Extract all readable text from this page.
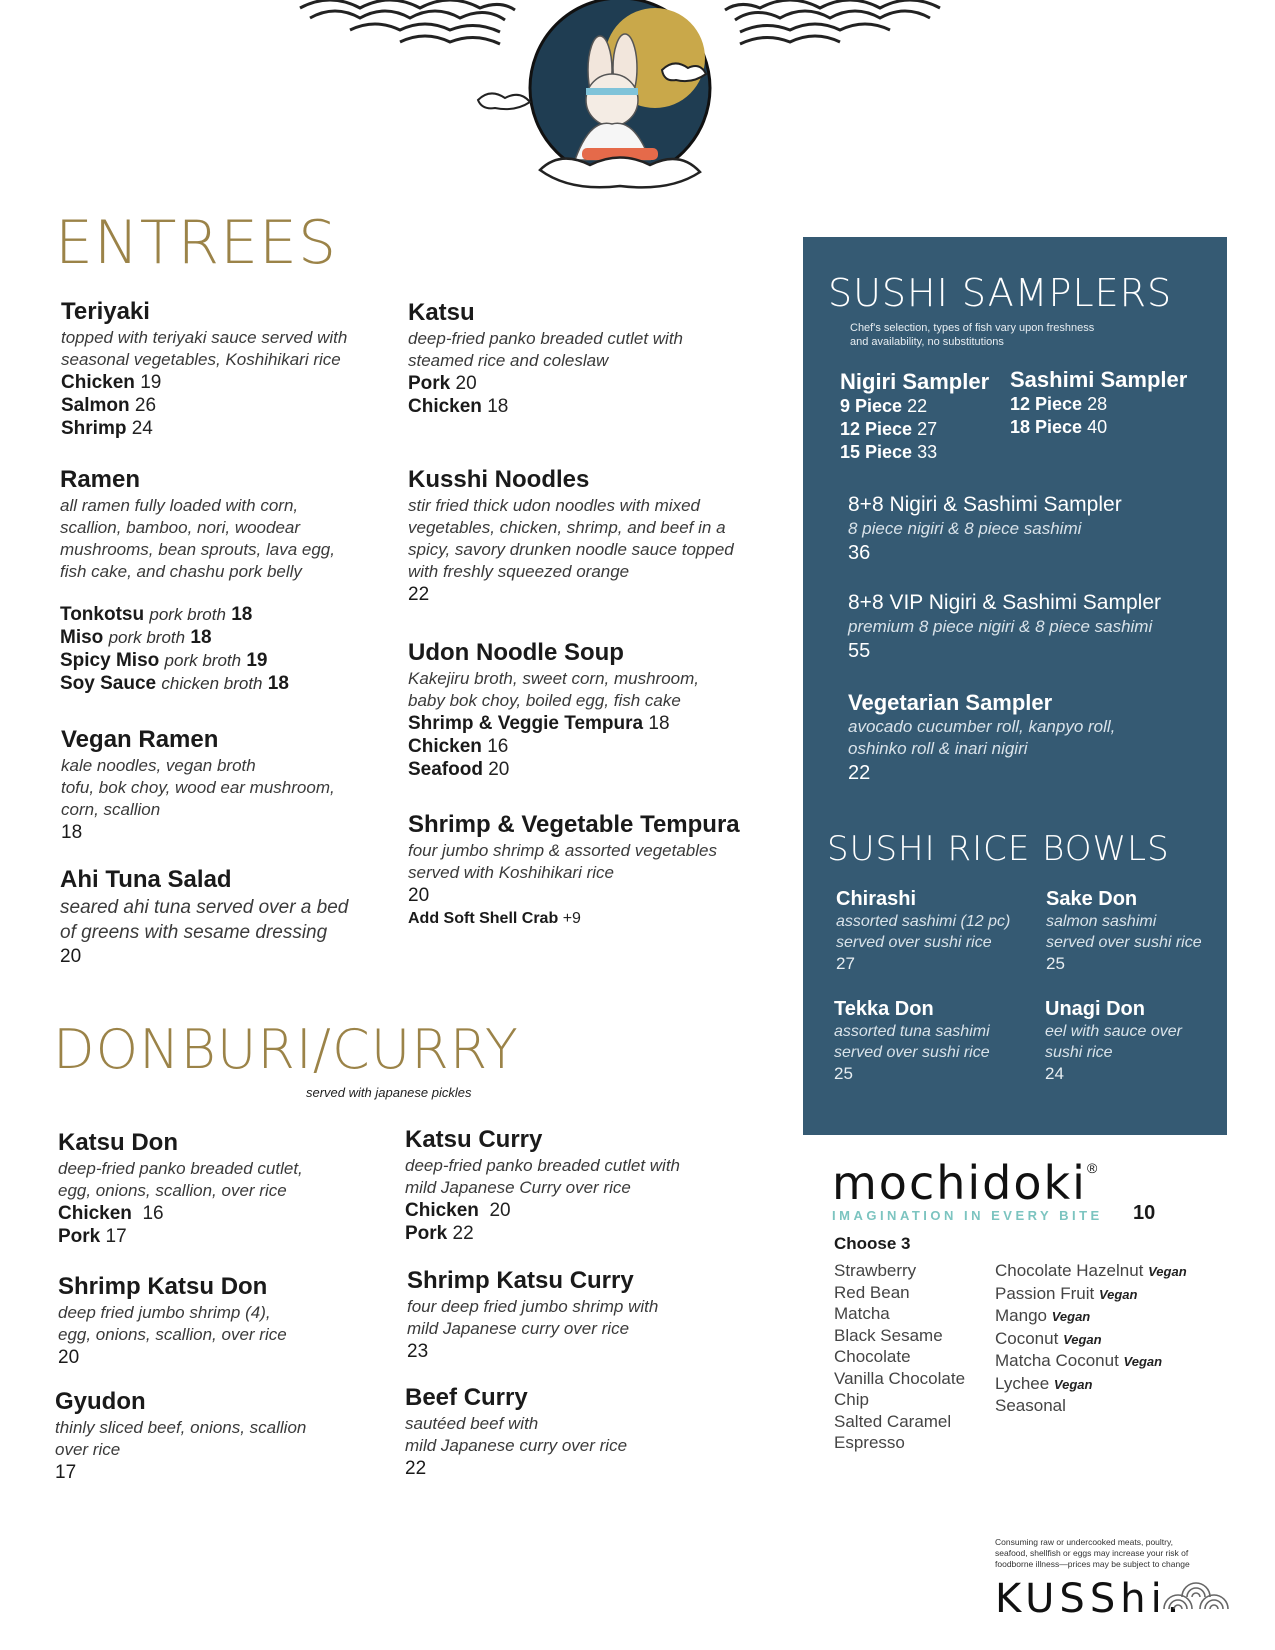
ENTREES
Teriyaki
topped with teriyaki sauce served with seasonal vegetables, Koshihikari rice
Chicken 19
Salmon 26
Shrimp 24
Ramen
all ramen fully loaded with corn, scallion, bamboo, nori, woodear mushrooms, bean sprouts, lava egg, fish cake, and chashu pork belly
Tonkotsu pork broth 18
Miso pork broth 18
Spicy Miso pork broth 19
Soy Sauce chicken broth 18
Vegan Ramen
kale noodles, vegan broth
tofu, bok choy, wood ear mushroom, corn, scallion
18
Ahi Tuna Salad
seared ahi tuna served over a bed of greens with sesame dressing
20
Katsu
deep-fried panko breaded cutlet with steamed rice and coleslaw
Pork 20
Chicken 18
Kusshi Noodles
stir fried thick udon noodles with mixed vegetables, chicken, shrimp, and beef in a spicy, savory drunken noodle sauce topped with freshly squeezed orange
22
Udon Noodle Soup
Kakejiru broth, sweet corn, mushroom, baby bok choy, boiled egg, fish cake
Shrimp & Veggie Tempura 18
Chicken 16
Seafood 20
Shrimp & Vegetable Tempura
four jumbo shrimp & assorted vegetables served with Koshihikari rice
20
Add Soft Shell Crab +9
DONBURI/CURRY
served with japanese pickles
Katsu Don
deep-fried panko breaded cutlet, egg, onions, scallion, over rice
Chicken 16
Pork 17
Shrimp Katsu Don
deep fried jumbo shrimp (4), egg, onions, scallion, over rice
20
Gyudon
thinly sliced beef, onions, scallion over rice
17
Katsu Curry
deep-fried panko breaded cutlet with mild Japanese Curry over rice
Chicken 20
Pork 22
Shrimp Katsu Curry
four deep fried jumbo shrimp with mild Japanese curry over rice
23
Beef Curry
sautéed beef with
mild Japanese curry over rice
22
SUSHI SAMPLERS
Chef's selection, types of fish vary upon freshness and availability, no substitutions
Nigiri Sampler
9 Piece 22
12 Piece 27
15 Piece 33
Sashimi Sampler
12 Piece 28
18 Piece 40
8+8 Nigiri & Sashimi Sampler
8 piece nigiri & 8 piece sashimi
36
8+8 VIP Nigiri & Sashimi Sampler
premium 8 piece nigiri & 8 piece sashimi
55
Vegetarian Sampler
avocado cucumber roll, kanpyo roll,
oshinko roll & inari nigiri
22
SUSHI RICE BOWLS
Chirashi
assorted sashimi (12 pc)
served over sushi rice
27
Sake Don
salmon sashimi
served over sushi rice
25
Tekka Don
assorted tuna sashimi
served over sushi rice
25
Unagi Don
eel with sauce over
sushi rice
24
mochidoki®
IMAGINATION IN EVERY BITE 10
Choose 3
Strawberry
Red Bean
Matcha
Black Sesame
Chocolate
Vanilla Chocolate
Chip
Salted Caramel
Espresso
Chocolate Hazelnut Vegan
Passion Fruit Vegan
Mango Vegan
Coconut Vegan
Matcha Coconut Vegan
Lychee Vegan
Seasonal
Consuming raw or undercooked meats, poultry, seafood, shellfish or eggs may increase your risk of foodborne illness—prices may be subject to change
KUSShi.
